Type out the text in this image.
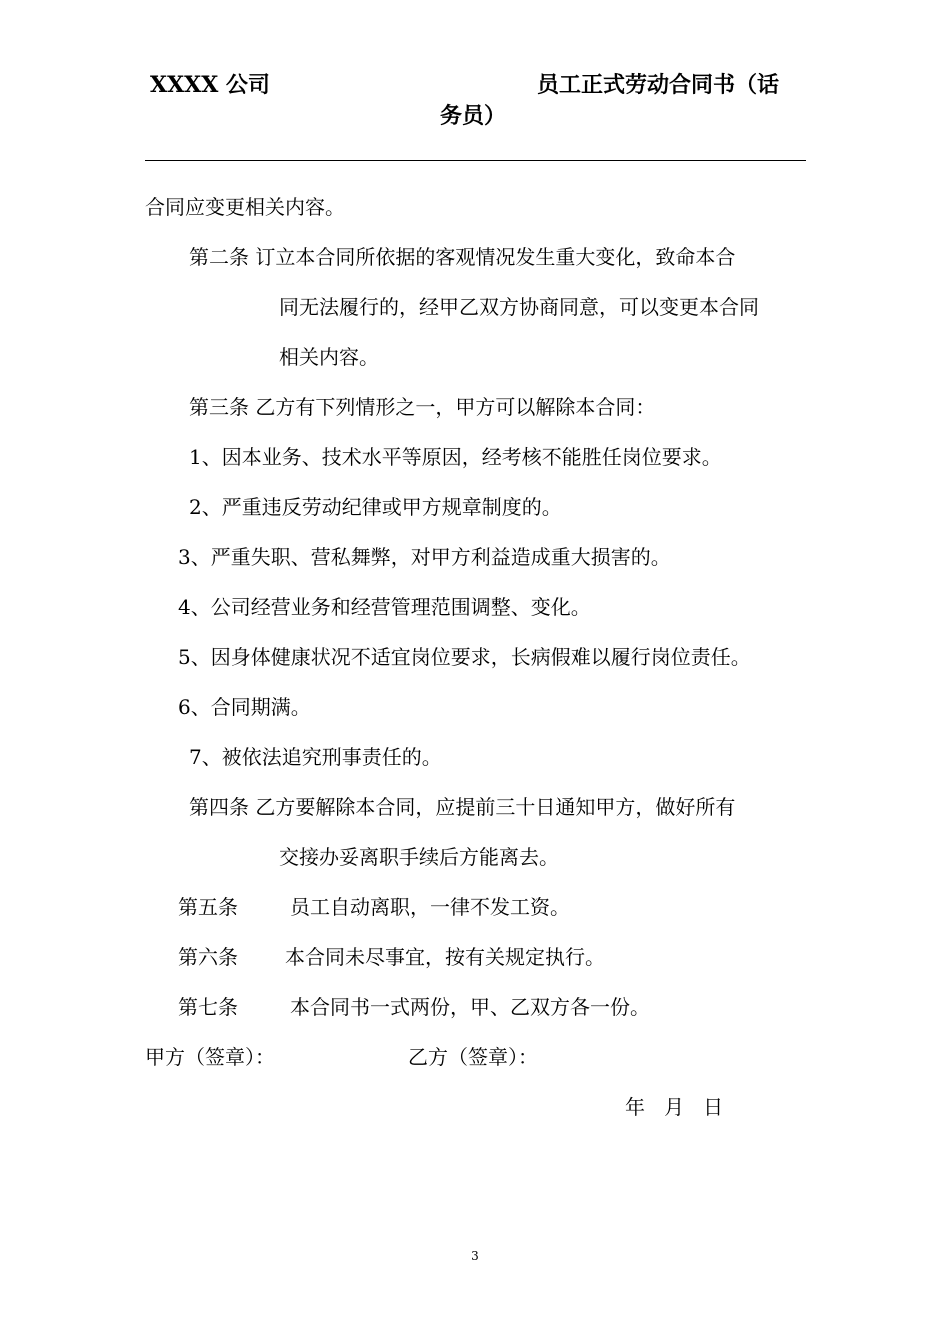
XXXX 公司	员工正式劳动合同书（话
务员）
合同应变更相关内容。
第二条 订立本合同所依据的客观情况发生重大变化，致命本合
同无法履行的，经甲乙双方协商同意，可以变更本合同
相关内容。
第三条 乙方有下列情形之一，甲方可以解除本合同：
1、因本业务、技术水平等原因，经考核不能胜任岗位要求。
2、严重违反劳动纪律或甲方规章制度的。
3、严重失职、营私舞弊，对甲方利益造成重大损害的。
4、公司经营业务和经营管理范围调整、变化。
5、因身体健康状况不适宜岗位要求，长病假难以履行岗位责任。
6、合同期满。
7、被依法追究刑事责任的。
第四条 乙方要解除本合同，应提前三十日通知甲方，做好所有
交接办妥离职手续后方能离去。
第五条	员工自动离职，一律不发工资。
第六条 本合同未尽事宜，按有关规定执行。
第七条	本合同书一式两份，甲、乙双方各一份。
甲方（签章）：	乙方（签章）：
年   月   日
3
